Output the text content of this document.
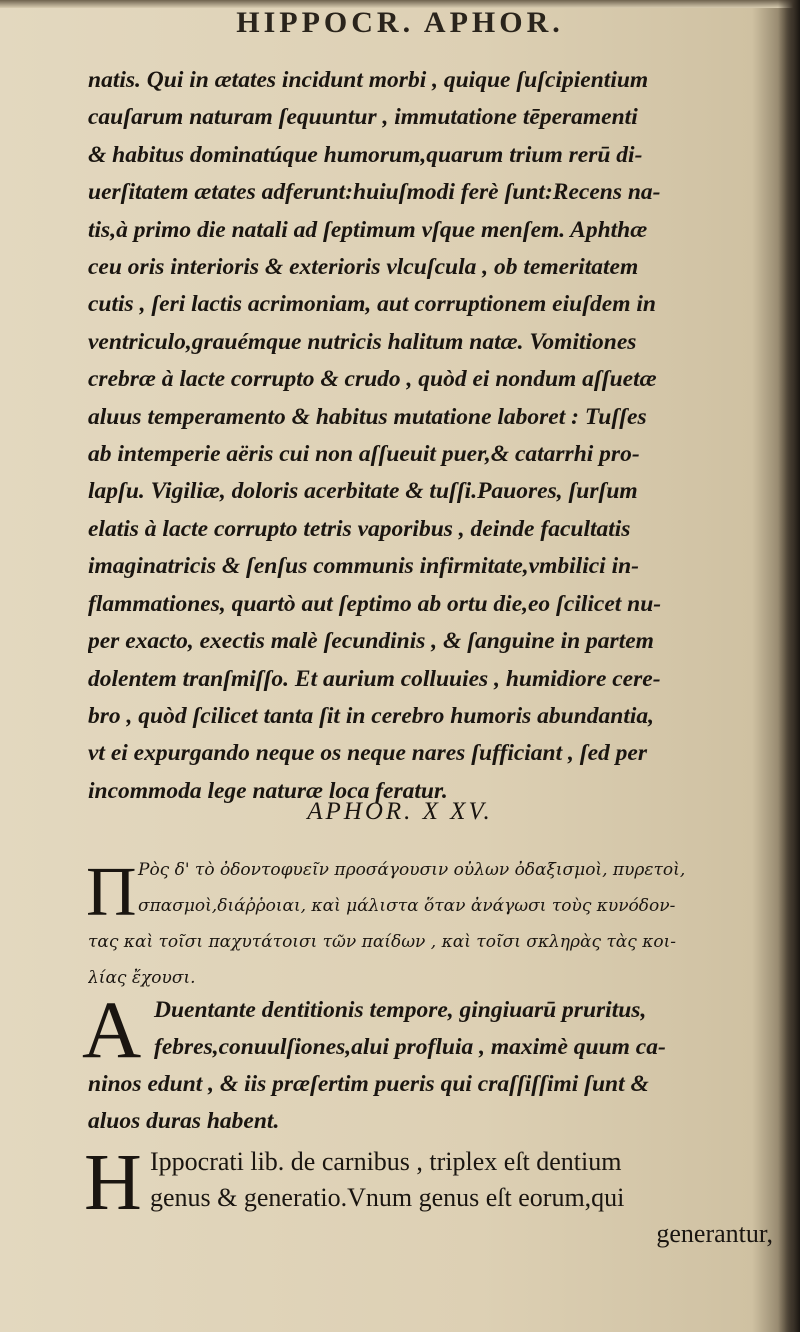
HIPPOCR. APHOR.
natis. Qui in ætates incidunt morbi , quique ſuſcipientium
cauſarum naturam ſequuntur , immutatione tēperamenti
& habitus dominatúque humorum,quarum trium rerū di-
uerſitatem ætates adferunt:huiuſmodi ferè ſunt:Recens na-
tis,à primo die natali ad ſeptimum vſque menſem. Aphthæ
ceu oris interioris & exterioris vlcuſcula , ob temeritatem
cutis , ſeri lactis acrimoniam, aut corruptionem eiuſdem in
ventriculo,grauémque nutricis halitum natæ. Vomitiones
crebræ à lacte corrupto & crudo , quòd ei nondum aſſuetæ
aluus temperamento & habitus mutatione laboret : Tuſſes
ab intemperie aëris cui non aſſueuit puer,& catarrhi pro-
lapſu. Vigiliæ, doloris acerbitate & tuſſi.Pauores, ſurſum
elatis à lacte corrupto tetris vaporibus , deinde facultatis
imaginatricis & ſenſus communis infirmitate,vmbilici in-
flammationes, quartò aut ſeptimo ab ortu die,eo ſcilicet nu-
per exacto, exectis malè ſecundinis , & ſanguine in partem
dolentem tranſmiſſo. Et aurium colluuies , humidiore cere-
bro , quòd ſcilicet tanta ſit in cerebro humoris abundantia,
vt ei expurgando neque os neque nares ſufficiant , ſed per
incommoda lege naturæ loca feratur.
APHOR. X XV.
Π Ρὸς δ' τὸ ὀδοντοφυεῖν προσάγουσιν οὐλων ὀδαξισμοὶ, πυρετοὶ,
σπασμοὶ,διάῤῥοιαι, καὶ μάλιστα ὅταν ἀνάγωσι τοὺς κυνόδον-
τας καὶ τοῖσι παχυτάτοισι τῶν παίδων , καὶ τοῖσι σκληρὰς τὰς κοι-
λίας ἔχουσι.
A Duentante dentitionis tempore, gingiuarū pruritus,
febres,conuulſiones,alui profluia , maximè quum ca-
ninos edunt , & iis præſertim pueris qui craſſiſſimi ſunt &
aluos duras habent.
H Ippocrati lib. de carnibus , triplex eſt dentium
genus & generatio.Vnum genus eſt eorum,qui
generantur,
